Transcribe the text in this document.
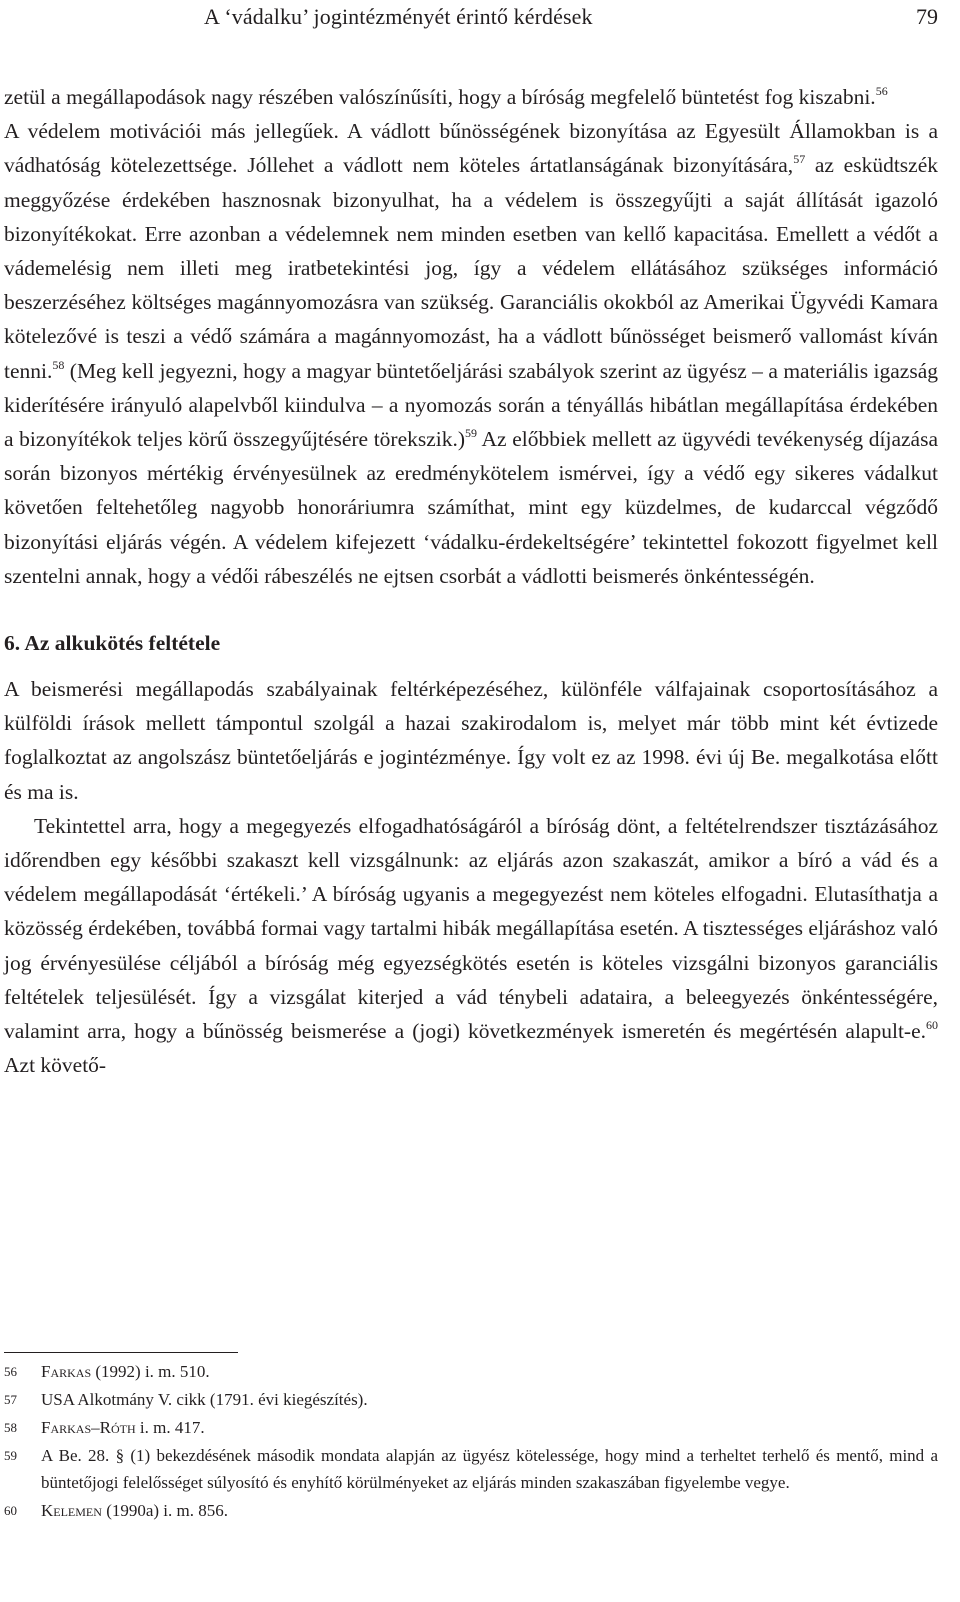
A ‘vádalku’ jogintézményét érintő kérdések	79

zetül a megállapodások nagy részében valószínűsíti, hogy a bíróság megfelelő büntetést fog kiszabni.$^{56}$

A védelem motivációi más jellegűek. A vádlott bűnösségének bizonyítása az Egyesült Államokban is a vádhatóság kötelezettsége. Jóllehet a vádlott nem köteles ártatlanságának bizonyítására,$^{57}$ az esküdtszék meggyőzése érdekében hasznosnak bizonyulhat, ha a védelem is összegyűjti a saját állítását igazoló bizonyítékokat. Erre azonban a védelemnek nem minden esetben van kellő kapacitása. Emellett a védőt a vádemelésig nem illeti meg iratbetekintési jog, így a védelem ellátásához szükséges információ beszerzéséhez költséges magánnyomozásra van szükség. Garanciális okokból az Amerikai Ügyvédi Kamara kötelezővé is teszi a védő számára a magánnyomozást, ha a vádlott bűnösséget beismerő vallomást kíván tenni.$^{58}$ (Meg kell jegyezni, hogy a magyar büntetőeljárási szabályok szerint az ügyész – a materiális igazság kiderítésére irányuló alapelvből kiindulva – a nyomozás során a tényállás hibátlan megállapítása érdekében a bizonyítékok teljes körű összegyűjtésére törekszik.)$^{59}$ Az előbbiek mellett az ügyvédi tevékenység díjazása során bizonyos mértékig érvényesülnek az eredménykötelem ismérvei, így a védő egy sikeres vádalkut követően feltehetőleg nagyobb honoráriumra számíthat, mint egy küzdelmes, de kudarccal végződő bizonyítási eljárás végén. A védelem kifejezett ‘vádalku-érdekeltségére’ tekintettel fokozott figyelmet kell szentelni annak, hogy a védői rábeszélés ne ejtsen csorbát a vádlotti beismerés önkéntességén.

6. Az alkukötés feltétele

A beismerési megállapodás szabályainak feltérképezéséhez, különféle válfajainak csoportosításához a külföldi írások mellett támpontul szolgál a hazai szakirodalom is, melyet már több mint két évtizede foglalkoztat az angolszász büntetőeljárás e jogintézménye. Így volt ez az 1998. évi új Be. megalkotása előtt és ma is.

Tekintettel arra, hogy a megegyezés elfogadhatóságáról a bíróság dönt, a feltételrendszer tisztázásához időrendben egy későbbi szakaszt kell vizsgálnunk: az eljárás azon szakaszát, amikor a bíró a vád és a védelem megállapodását ‘értékeli.’ A bíróság ugyanis a megegyezést nem köteles elfogadni. Elutasíthatja a közösség érdekében, továbbá formai vagy tartalmi hibák megállapítása esetén. A tisztességes eljáráshoz való jog érvényesülése céljából a bíróság még egyezségkötés esetén is köteles vizsgálni bizonyos garanciális feltételek teljesülését. Így a vizsgálat kiterjed a vád ténybeli adataira, a beleegyezés önkéntességére, valamint arra, hogy a bűnösség beismerése a (jogi) következmények ismeretén és megértésén alapult-e.$^{60}$ Azt követő-

56 Farkas (1992) i. m. 510.
57 USA Alkotmány V. cikk (1791. évi kiegészítés).
58 Farkas–Róth i. m. 417.
59 A Be. 28. § (1) bekezdésének második mondata alapján az ügyész kötelessége, hogy mind a terheltet terhelő és mentő, mind a büntetőjogi felelősséget súlyosító és enyhítő körülményeket az eljárás minden szakaszában figyelembe vegye.
60 Kelemen (1990a) i. m. 856.
